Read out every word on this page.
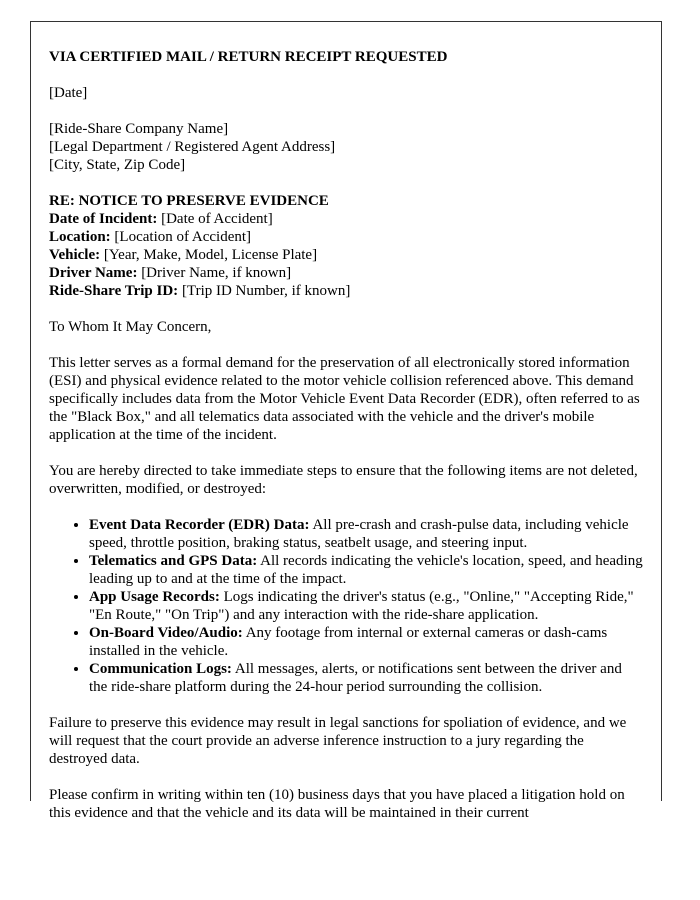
VIA CERTIFIED MAIL / RETURN RECEIPT REQUESTED

[Date]

[Ride-Share Company Name]
[Legal Department / Registered Agent Address]
[City, State, Zip Code]

RE: NOTICE TO PRESERVE EVIDENCE
Date of Incident: [Date of Accident]
Location: [Location of Accident]
Vehicle: [Year, Make, Model, License Plate]
Driver Name: [Driver Name, if known]
Ride-Share Trip ID: [Trip ID Number, if known]

To Whom It May Concern,

This letter serves as a formal demand for the preservation of all electronically stored information (ESI) and physical evidence related to the motor vehicle collision referenced above. This demand specifically includes data from the Motor Vehicle Event Data Recorder (EDR), often referred to as the "Black Box," and all telematics data associated with the vehicle and the driver's mobile application at the time of the incident.

You are hereby directed to take immediate steps to ensure that the following items are not deleted, overwritten, modified, or destroyed:

• Event Data Recorder (EDR) Data: All pre-crash and crash-pulse data, including vehicle speed, throttle position, braking status, seatbelt usage, and steering input.
• Telematics and GPS Data: All records indicating the vehicle's location, speed, and heading leading up to and at the time of the impact.
• App Usage Records: Logs indicating the driver's status (e.g., "Online," "Accepting Ride," "En Route," "On Trip") and any interaction with the ride-share application.
• On-Board Video/Audio: Any footage from internal or external cameras or dash-cams installed in the vehicle.
• Communication Logs: All messages, alerts, or notifications sent between the driver and the ride-share platform during the 24-hour period surrounding the collision.

Failure to preserve this evidence may result in legal sanctions for spoliation of evidence, and we will request that the court provide an adverse inference instruction to a jury regarding the destroyed data.

Please confirm in writing within ten (10) business days that you have placed a litigation hold on this evidence and that the vehicle and its data will be maintained in their current
